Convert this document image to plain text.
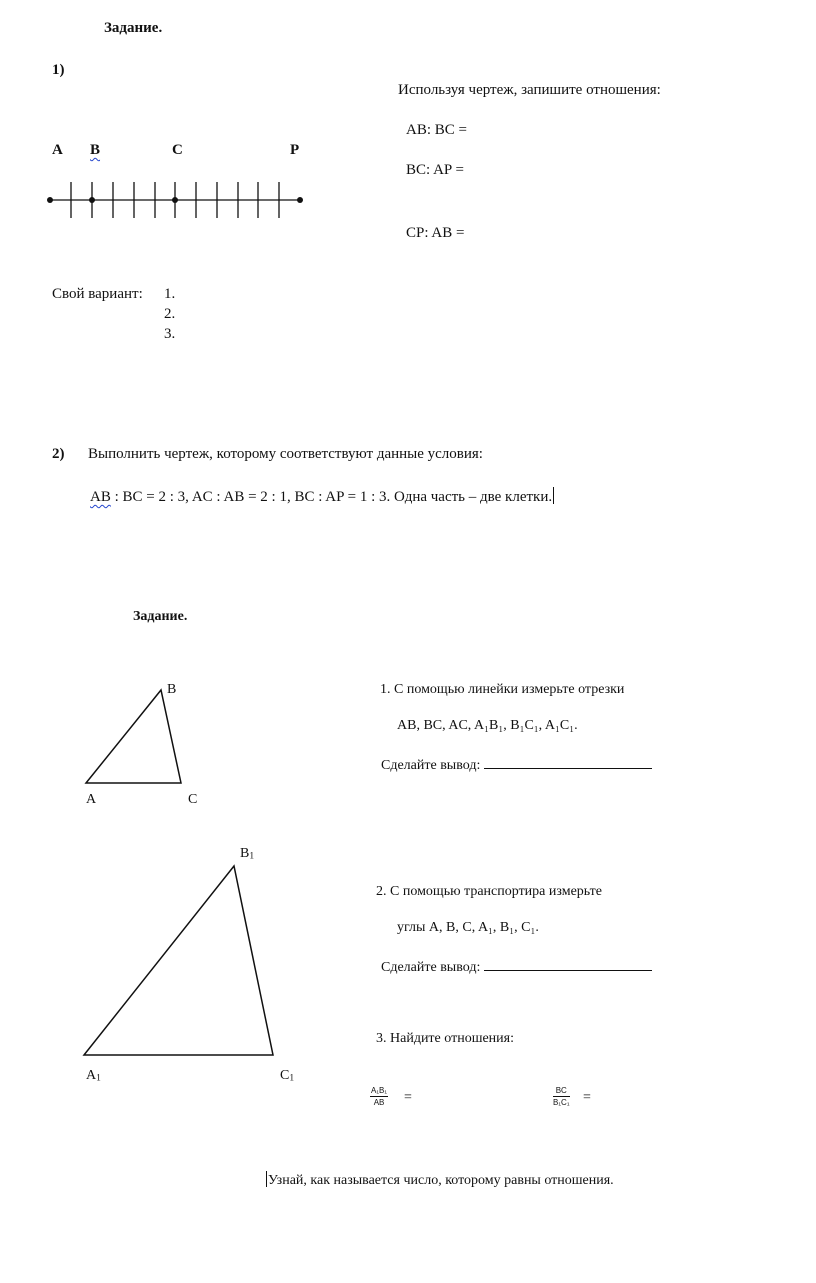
Задание.
1)
A B	C	P
Используя чертеж, запишите отношения:
AB: BC =
BC: AP =
CP: AB =
Свой вариант: 1.
2.
3.
2) Выполнить чертеж, которому соответствуют данные условия:
AB : BC = 2 : 3, AC : AB = 2 : 1, BC : AP = 1 : 3. Одна часть – две клетки.
Задание.
B
A	C
B1
A1	C1
1. С помощью линейки измерьте отрезки
AB, BC, AC, A₁B₁, B₁C₁, A₁C₁.
Сделайте вывод:
2. С помощью транспортира измерьте
углы A, B, C, A₁, B₁, C₁.
Сделайте вывод:
3. Найдите отношения:
$\frac{\text{A₁B₁}}{AB}$ =	$\frac{BC}{\text{B₁C₁}}$ =
Узнай, как называется число, которому равны отношения.
